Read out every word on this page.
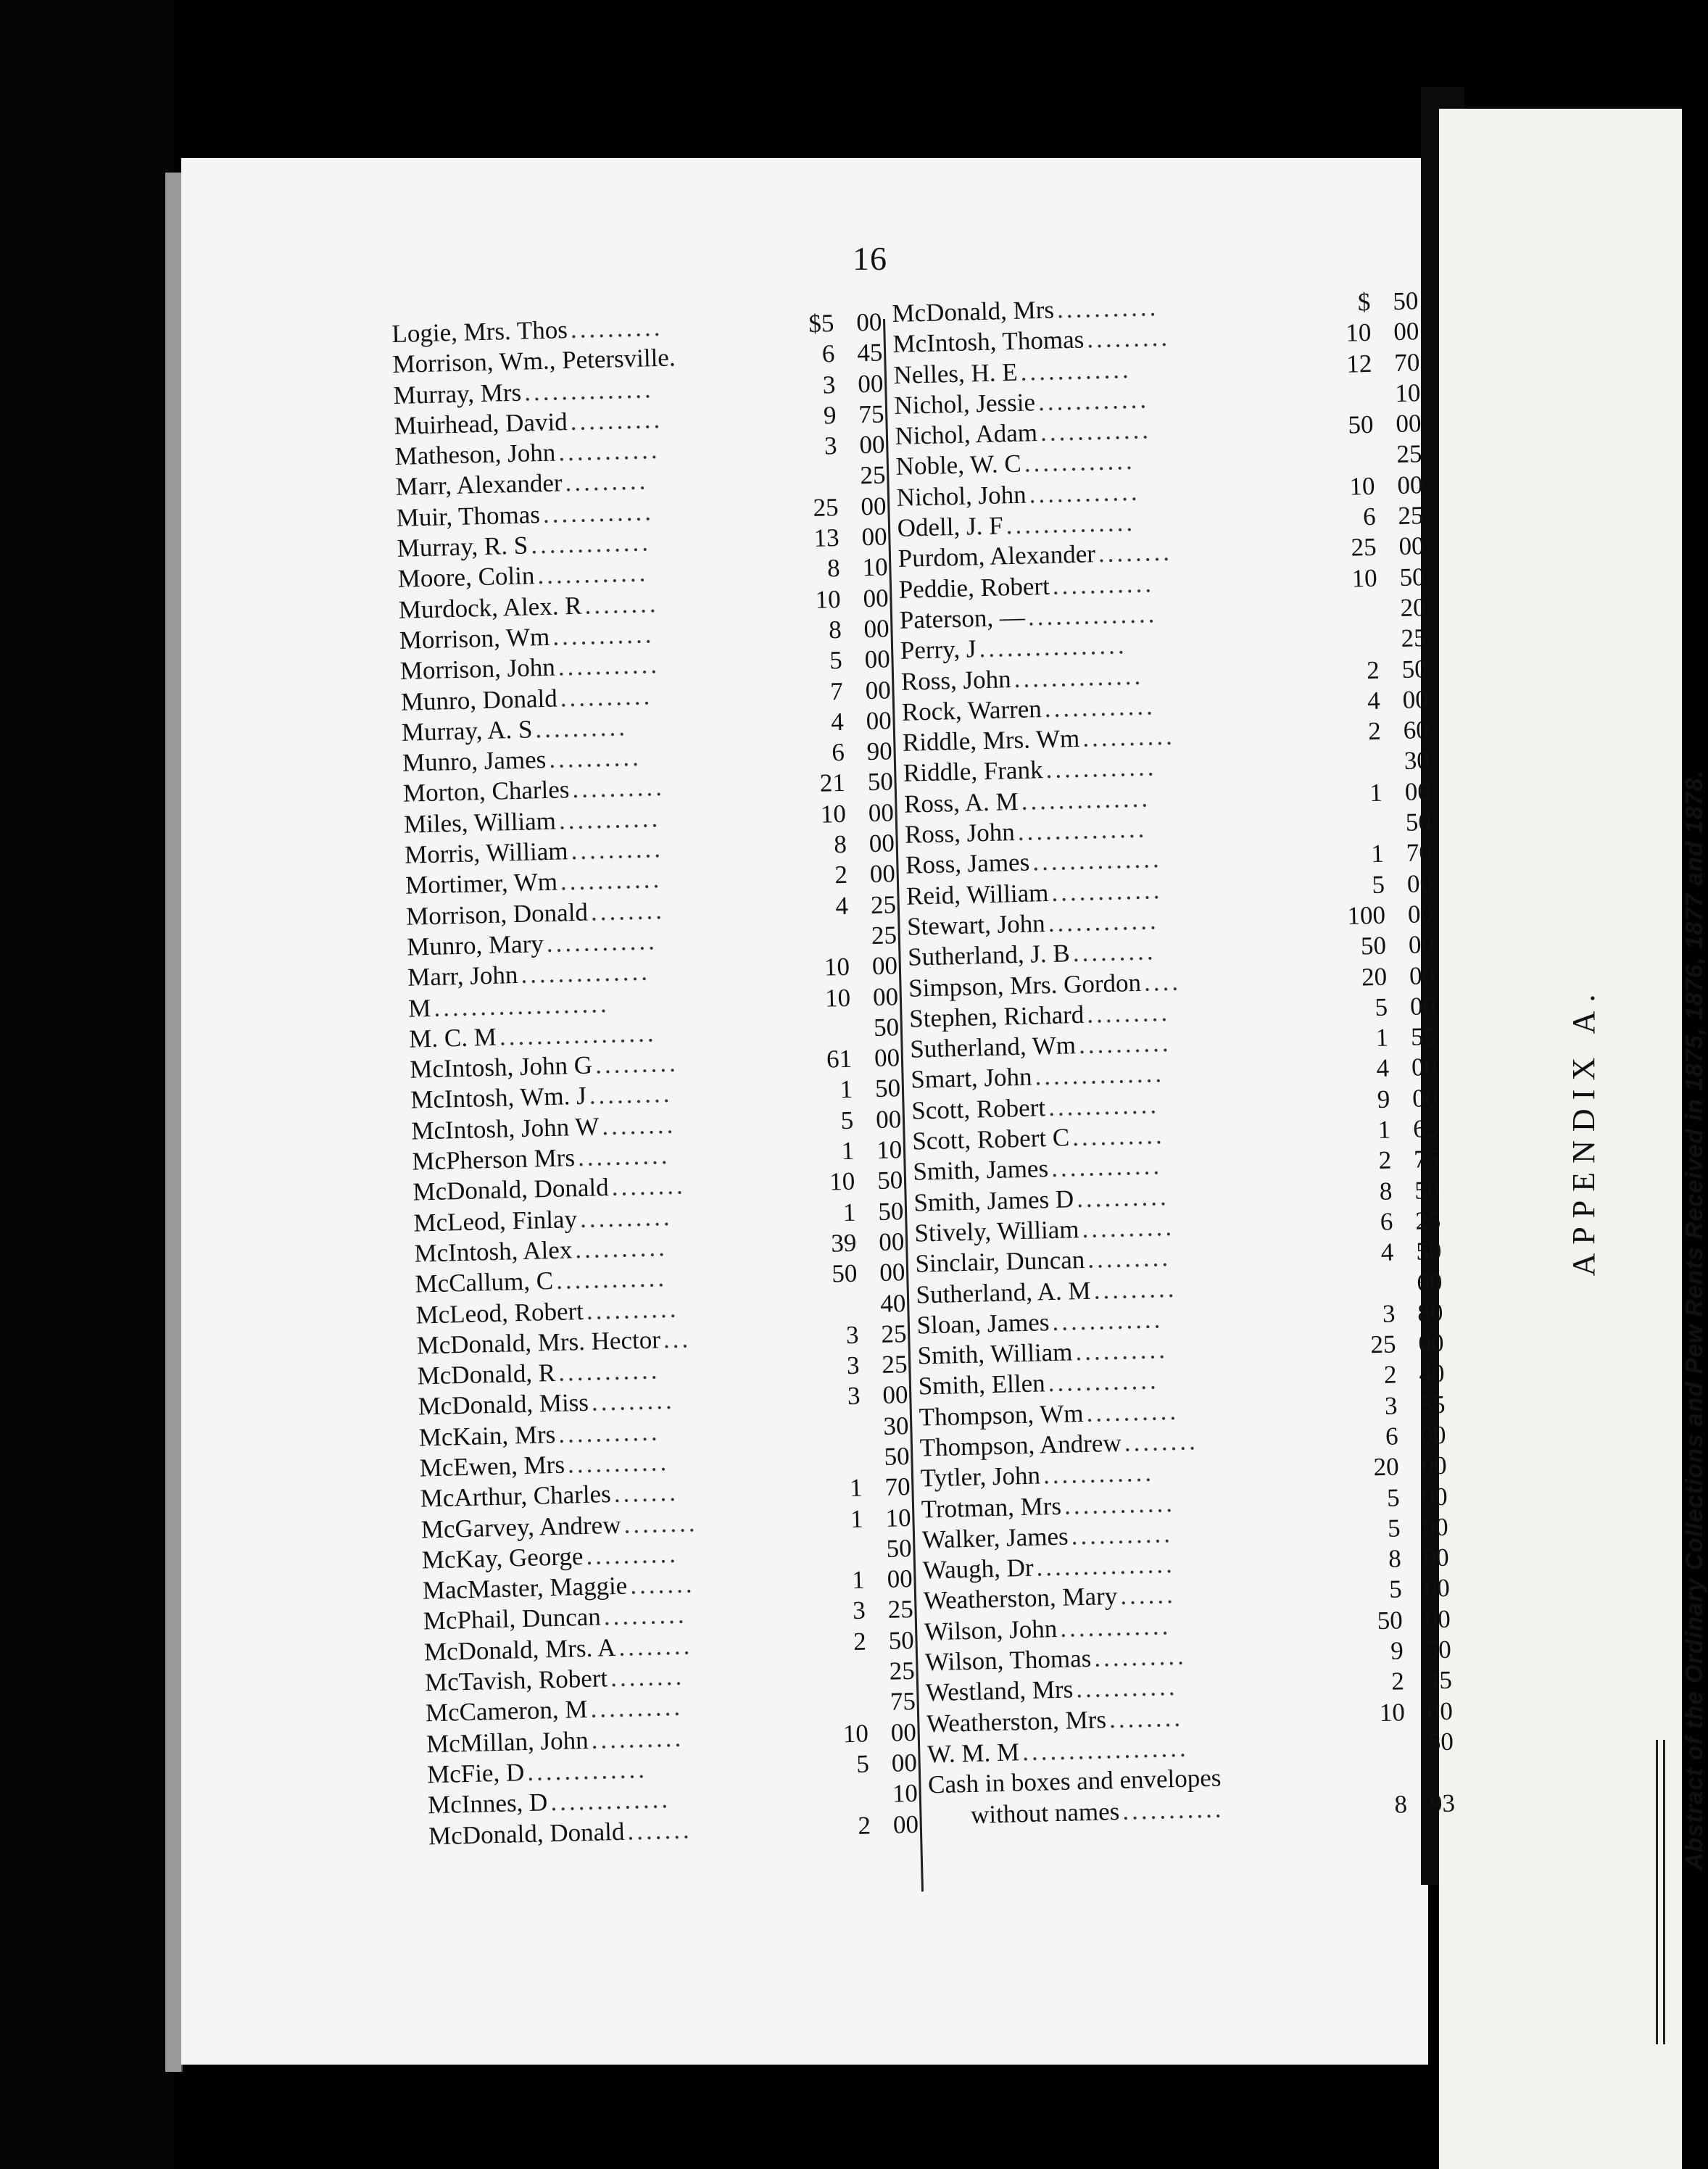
16
Logie, Mrs. Thos ..........	$5 00
Morrison, Wm., Petersville.	6 45
Murray, Mrs ..............	3 00
Muirhead, David ..........	9 75
Matheson, John ...........	3 00
Marr, Alexander .........	25
Muir, Thomas ............	25 00
Murray, R. S .............	13 00
Moore, Colin ............	8 10
Murdock, Alex. R ........	10 00
Morrison, Wm ...........	8 00
Morrison, John ...........	5 00
Munro, Donald ..........	7 00
Murray, A. S ..........	4 00
Munro, James ..........	6 90
Morton, Charles ..........	21 50
Miles, William ...........	10 00
Morris, William ..........	8 00
Mortimer, Wm ...........	2 00
Morrison, Donald ........	4 25
Munro, Mary ............	25
Marr, John ..............	10 00
M ...................	10 00
M. C. M .................	50
McIntosh, John G .........	61 00
McIntosh, Wm. J .........	1 50
McIntosh, John W ........	5 00
McPherson Mrs ..........	1 10
McDonald, Donald ........	10 50
McLeod, Finlay ..........	1 50
McIntosh, Alex ..........	39 00
McCallum, C ............	50 00
McLeod, Robert ..........	40
McDonald, Mrs. Hector ...	3 25
McDonald, R ...........	3 25
McDonald, Miss .........	3 00
McKain, Mrs ...........	30
McEwen, Mrs ...........	50
McArthur, Charles .......	1 70
McGarvey, Andrew ........	1 10
McKay, George ..........	50
MacMaster, Maggie .......	1 00
McPhail, Duncan .........	3 25
McDonald, Mrs. A ........	2 50
McTavish, Robert ........	25
McCameron, M ..........	75
McMillan, John ..........	10 00
McFie, D .............	5 00
McInnes, D .............	10
McDonald, Donald .......	2 00
McDonald, Mrs ...........	$ 50
McIntosh, Thomas .........	10 00
Nelles, H. E ............	12 70
Nichol, Jessie ............	10
Nichol, Adam ............	50 00
Noble, W. C ............	25
Nichol, John ............	10 00
Odell, J. F ..............	6 25
Purdom, Alexander ........	25 00
Peddie, Robert ...........	10 50
Paterson, — ..............	20
Perry, J ................	25
Ross, John ..............	2 50
Rock, Warren ............	4 00
Riddle, Mrs. Wm ..........	2 60
Riddle, Frank ............	30
Ross, A. M ..............	1 00
Ross, John ..............	50
Ross, James ..............	1 70
Reid, William ............	5 00
Stewart, John ............	100 00
Sutherland, J. B .........	50 00
Simpson, Mrs. Gordon ....	20 00
Stephen, Richard .........	5 00
Sutherland, Wm ..........	1 55
Smart, John ..............	4 00
Scott, Robert ............	9 00
Scott, Robert C ..........	1 65
Smith, James ............	2 75
Smith, James D ..........	8 50
Stively, William ..........	6 25
Sinclair, Duncan .........	4 50
Sutherland, A. M .........	60
Sloan, James ............	3 80
Smith, William ..........	25 00
Smith, Ellen ............	2 40
Thompson, Wm ..........	3 55
Thompson, Andrew ........	6 00
Tytler, John ............	20 00
Trotman, Mrs ............	5 00
Walker, James ...........	5 00
Waugh, Dr ...............	8 00
Weatherston, Mary ......	5 00
Wilson, John ............	50 00
Wilson, Thomas ..........	9 50
Westland, Mrs ...........	2 45
Weatherston, Mrs ........	10 00
W. M. M ..................	50
Cash in boxes and envelopes
without names ...........	8 93
APPENDIX A.	Abstract of the Ordinary Collections and Pew Rents Received in 1875, 1876, 1877 and 1878.
